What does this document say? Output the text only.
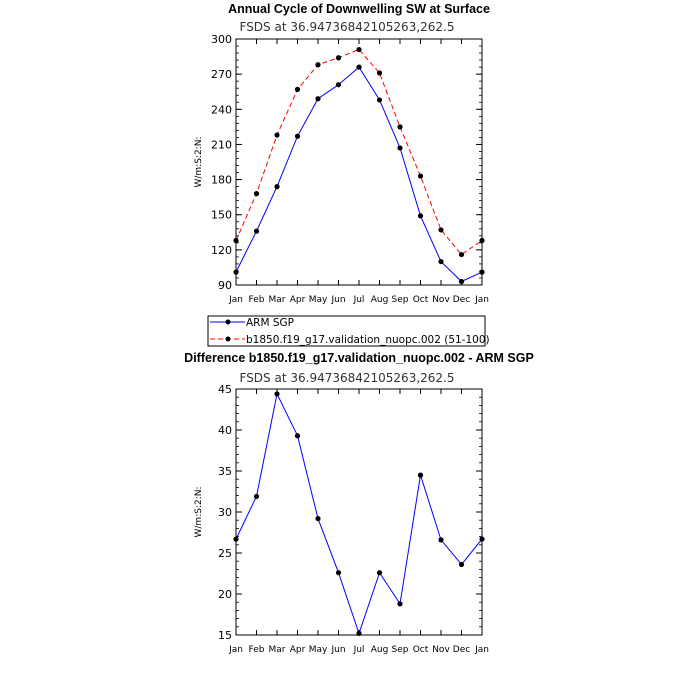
Annual Cycle of Downwelling SW at Surface
FSDS at 36.94736842105263,262.5
W/m:S:2:N:
Jan Feb Mar Apr May Jun Jul Aug Sep Oct Nov Dec Jan
90
120
150
180
210
240
270
300
ARM SGP
b1850.f19_g17.validation_nuopc.002 (51-100)
Difference b1850.f19_g17.validation_nuopc.002 - ARM SGP
FSDS at 36.94736842105263,262.5
W/m:S:2:N:
Jan Feb Mar Apr May Jun Jul Aug Sep Oct Nov Dec Jan
15
20
25
30
35
40
45
